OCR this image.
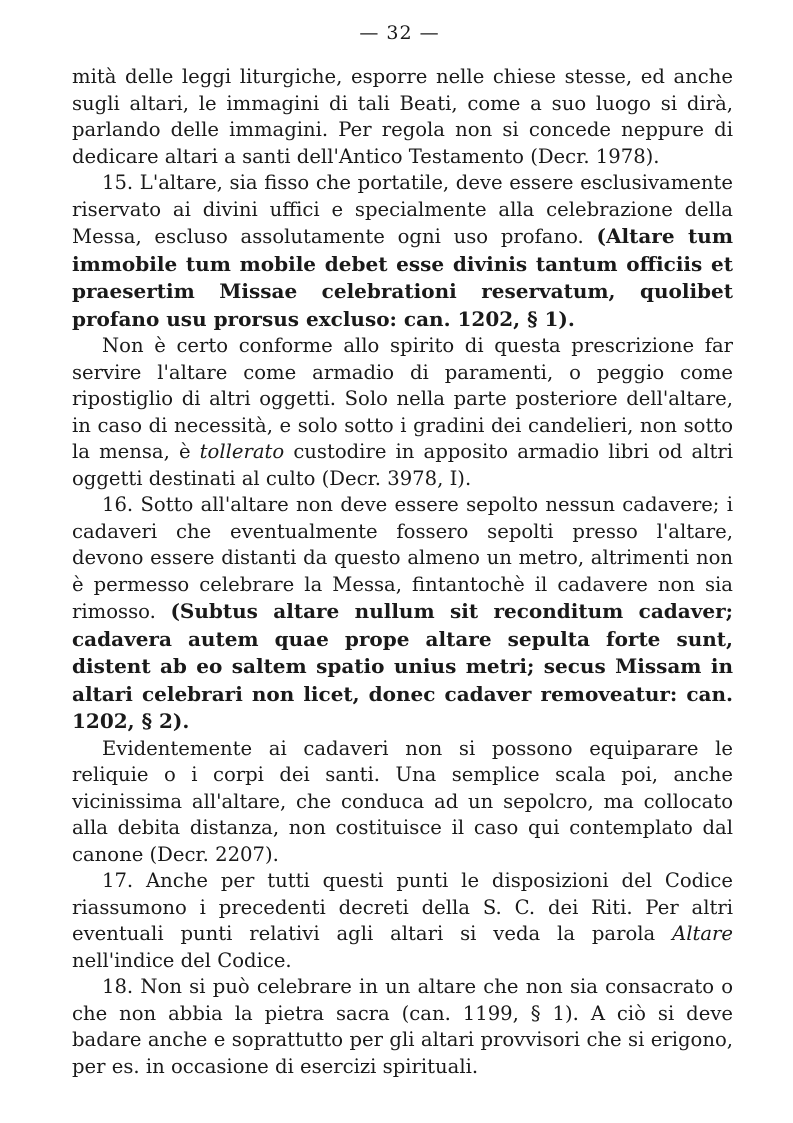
— 32 —

mità delle leggi liturgiche, esporre nelle chiese stesse, ed anche sugli altari, le immagini di tali Beati, come a suo luogo si dirà, parlando delle immagini. Per regola non si concede neppure di dedicare altari a santi dell'Antico Testamento (Decr. 1978).

15. L'altare, sia fisso che portatile, deve essere esclusivamente riservato ai divini uffici e specialmente alla celebrazione della Messa, escluso assolutamente ogni uso profano. (Altare tum immobile tum mobile debet esse divinis tantum officiis et praesertim Missae celebrationi reservatum, quolibet profano usu prorsus excluso: can. 1202, § 1).

Non è certo conforme allo spirito di questa prescrizione far servire l'altare come armadio di paramenti, o peggio come ripostiglio di altri oggetti. Solo nella parte posteriore dell'altare, in caso di necessità, e solo sotto i gradini dei candelieri, non sotto la mensa, è tollerato custodire in apposito armadio libri od altri oggetti destinati al culto (Decr. 3978, I).

16. Sotto all'altare non deve essere sepolto nessun cadavere; i cadaveri che eventualmente fossero sepolti presso l'altare, devono essere distanti da questo almeno un metro, altrimenti non è permesso celebrare la Messa, fintantochè il cadavere non sia rimosso. (Subtus altare nullum sit reconditum cadaver; cadavera autem quae prope altare sepulta forte sunt, distent ab eo saltem spatio unius metri; secus Missam in altari celebrari non licet, donec cadaver removeatur: can. 1202, § 2).

Evidentemente ai cadaveri non si possono equiparare le reliquie o i corpi dei santi. Una semplice scala poi, anche vicinissima all'altare, che conduca ad un sepolcro, ma collocato alla debita distanza, non costituisce il caso qui contemplato dal canone (Decr. 2207).

17. Anche per tutti questi punti le disposizioni del Codice riassumono i precedenti decreti della S. C. dei Riti. Per altri eventuali punti relativi agli altari si veda la parola Altare nell'indice del Codice.

18. Non si può celebrare in un altare che non sia consacrato o che non abbia la pietra sacra (can. 1199, § 1). A ciò si deve badare anche e soprattutto per gli altari provvisori che si erigono, per es. in occasione di esercizi spirituali.
